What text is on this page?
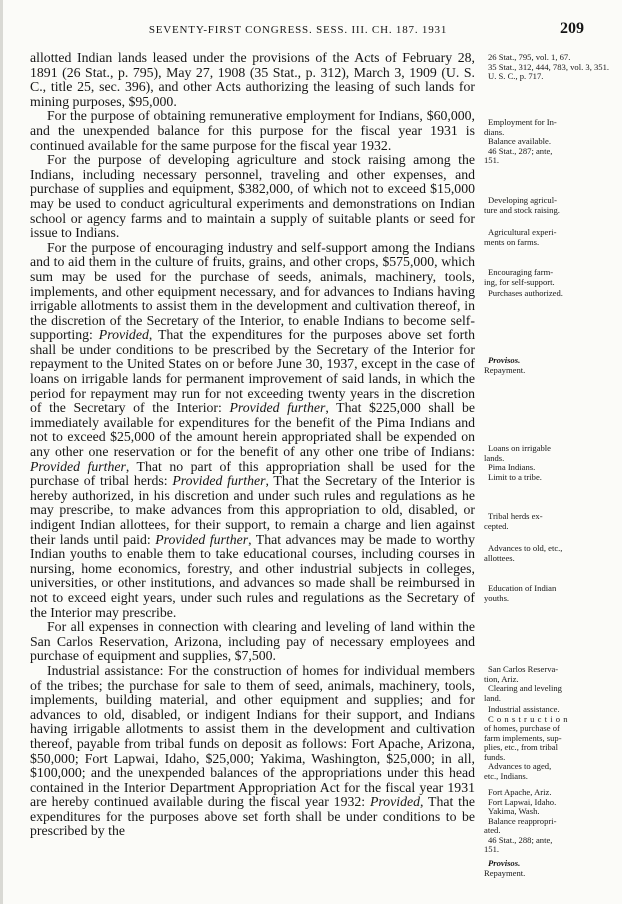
SEVENTY-FIRST CONGRESS. SESS. III. CH. 187. 1931	209

allotted Indian lands leased under the provisions of the Acts of February 28, 1891 (26 Stat., p. 795), May 27, 1908 (35 Stat., p. 312), March 3, 1909 (U. S. C., title 25, sec. 396), and other Acts authorizing the leasing of such lands for mining purposes, $95,000.

For the purpose of obtaining remunerative employment for Indians, $60,000, and the unexpended balance for this purpose for the fiscal year 1931 is continued available for the same purpose for the fiscal year 1932.

For the purpose of developing agriculture and stock raising among the Indians, including necessary personnel, traveling and other expenses, and purchase of supplies and equipment, $382,000, of which not to exceed $15,000 may be used to conduct agricultural experiments and demonstrations on Indian school or agency farms and to maintain a supply of suitable plants or seed for issue to Indians.

For the purpose of encouraging industry and self-support among the Indians and to aid them in the culture of fruits, grains, and other crops, $575,000, which sum may be used for the purchase of seeds, animals, machinery, tools, implements, and other equipment necessary, and for advances to Indians having irrigable allotments to assist them in the development and cultivation thereof, in the discretion of the Secretary of the Interior, to enable Indians to become self-supporting: Provided, That the expenditures for the purposes above set forth shall be under conditions to be prescribed by the Secretary of the Interior for repayment to the United States on or before June 30, 1937, except in the case of loans on irrigable lands for permanent improvement of said lands, in which the period for repayment may run for not exceeding twenty years in the discretion of the Secretary of the Interior: Provided further, That $225,000 shall be immediately available for expenditures for the benefit of the Pima Indians and not to exceed $25,000 of the amount herein appropriated shall be expended on any other one reservation or for the benefit of any other one tribe of Indians: Provided further, That no part of this appropriation shall be used for the purchase of tribal herds: Provided further, That the Secretary of the Interior is hereby authorized, in his discretion and under such rules and regulations as he may prescribe, to make advances from this appropriation to old, disabled, or indigent Indian allottees, for their support, to remain a charge and lien against their lands until paid: Provided further, That advances may be made to worthy Indian youths to enable them to take educational courses, including courses in nursing, home economics, forestry, and other industrial subjects in colleges, universities, or other institutions, and advances so made shall be reimbursed in not to exceed eight years, under such rules and regulations as the Secretary of the Interior may prescribe.

For all expenses in connection with clearing and leveling of land within the San Carlos Reservation, Arizona, including pay of necessary employees and purchase of equipment and supplies, $7,500.

Industrial assistance: For the construction of homes for individual members of the tribes; the purchase for sale to them of seed, animals, machinery, tools, implements, building material, and other equipment and supplies; and for advances to old, disabled, or indigent Indians for their support, and Indians having irrigable allotments to assist them in the development and cultivation thereof, payable from tribal funds on deposit as follows: Fort Apache, Arizona, $50,000; Fort Lapwai, Idaho, $25,000; Yakima, Washington, $25,000; in all, $100,000; and the unexpended balances of the appropriations under this head contained in the Interior Department Appropriation Act for the fiscal year 1931 are hereby continued available during the fiscal year 1932: Provided, That the expenditures for the purposes above set forth shall be under conditions to be prescribed by the

26 Stat., 795, vol. 1, 67.
35 Stat., 312, 444, 783, vol. 3, 351.
U. S. C., p. 717.
Employment for In-
dians.
Balance available.
46 Stat., 287; ante,
151.
Developing agricul-
ture and stock raising.
Agricultural experi-
ments on farms.
Encouraging farm-
ing, for self-support.
Purchases authorized.
Provisos.
Repayment.
Loans on irrigable
lands.
Pima Indians.
Limit to a tribe.
Tribal herds ex-
cepted.
Advances to old, etc.,
allottees.
Education of Indian
youths.
San Carlos Reserva-
tion, Ariz.
Clearing and leveling
land.
Industrial assistance.
Construction
of homes, purchase of
farm implements, sup-
plies, etc., from tribal
funds.
Advances to aged,
etc., Indians.
Fort Apache, Ariz.
Fort Lapwai, Idaho.
Yakima, Wash.
Balance reappropri-
ated.
46 Stat., 288; ante,
151.
Provisos.
Repayment.
